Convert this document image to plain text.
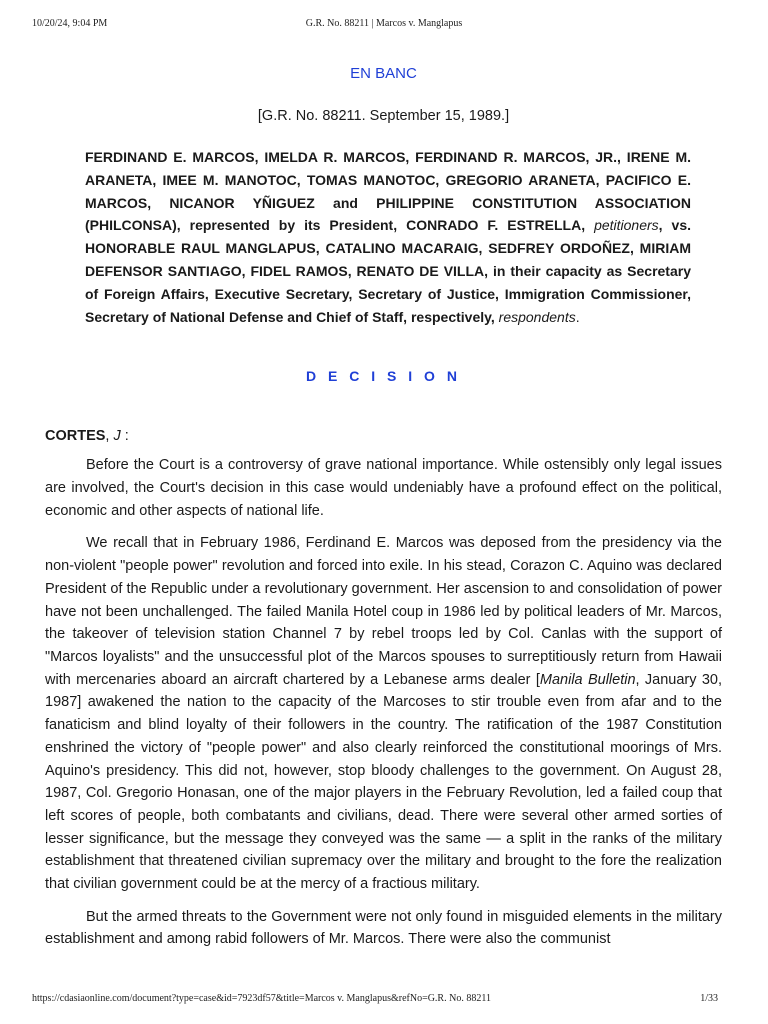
10/20/24, 9:04 PM	G.R. No. 88211 | Marcos v. Manglapus

EN BANC

[G.R. No. 88211. September 15, 1989.]
FERDINAND E. MARCOS, IMELDA R. MARCOS, FERDINAND R. MARCOS, JR., IRENE M. ARANETA, IMEE M. MANOTOC, TOMAS MANOTOC, GREGORIO ARANETA, PACIFICO E. MARCOS, NICANOR YÑIGUEZ and PHILIPPINE CONSTITUTION ASSOCIATION (PHILCONSA), represented by its President, CONRADO F. ESTRELLA, petitioners, vs. HONORABLE RAUL MANGLAPUS, CATALINO MACARAIG, SEDFREY ORDOÑEZ, MIRIAM DEFENSOR SANTIAGO, FIDEL RAMOS, RENATO DE VILLA, in their capacity as Secretary of Foreign Affairs, Executive Secretary, Secretary of Justice, Immigration Commissioner, Secretary of National Defense and Chief of Staff, respectively, respondents.
D E C I S I O N
CORTES, J :

Before the Court is a controversy of grave national importance. While ostensibly only legal issues are involved, the Court's decision in this case would undeniably have a profound effect on the political, economic and other aspects of national life.

We recall that in February 1986, Ferdinand E. Marcos was deposed from the presidency via the non-violent "people power" revolution and forced into exile. In his stead, Corazon C. Aquino was declared President of the Republic under a revolutionary government. Her ascension to and consolidation of power have not been unchallenged. The failed Manila Hotel coup in 1986 led by political leaders of Mr. Marcos, the takeover of television station Channel 7 by rebel troops led by Col. Canlas with the support of "Marcos loyalists" and the unsuccessful plot of the Marcos spouses to surreptitiously return from Hawaii with mercenaries aboard an aircraft chartered by a Lebanese arms dealer [Manila Bulletin, January 30, 1987] awakened the nation to the capacity of the Marcoses to stir trouble even from afar and to the fanaticism and blind loyalty of their followers in the country. The ratification of the 1987 Constitution enshrined the victory of "people power" and also clearly reinforced the constitutional moorings of Mrs. Aquino's presidency. This did not, however, stop bloody challenges to the government. On August 28, 1987, Col. Gregorio Honasan, one of the major players in the February Revolution, led a failed coup that left scores of people, both combatants and civilians, dead. There were several other armed sorties of lesser significance, but the message they conveyed was the same — a split in the ranks of the military establishment that threatened civilian supremacy over the military and brought to the fore the realization that civilian government could be at the mercy of a fractious military.

But the armed threats to the Government were not only found in misguided elements in the military establishment and among rabid followers of Mr. Marcos. There were also the communist

https://cdasiaonline.com/document?type=case&id=7923df57&title=Marcos v. Manglapus&refNo=G.R. No. 88211	1/33
